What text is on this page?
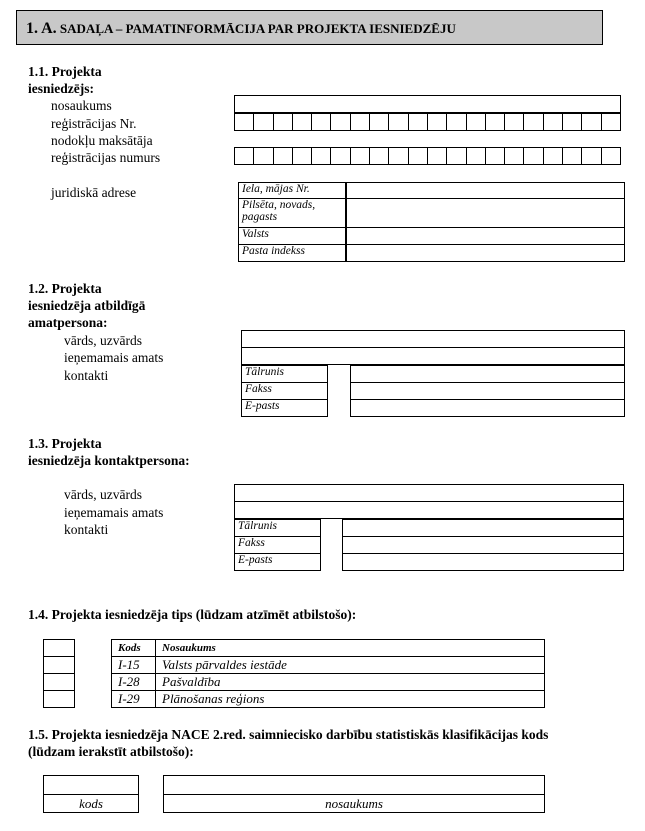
1. A. SADAĻA – PAMATINFORMĀCIJA PAR PROJEKTA IESNIEDZĒJU
1.1. Projekta
iesniedzējs:
nosaukums
reģistrācijas Nr.
nodokļu maksātāja
reģistrācijas numurs
juridiskā adrese	Iela, mājas Nr.
Pilsēta, novads, pagasts
Valsts
Pasta indekss
1.2. Projekta
iesniedzēja atbildīgā
amatpersona:
vārds, uzvārds
ieņemamais amats
kontakti	Tālrunis
Fakss
E-pasts
1.3. Projekta
iesniedzēja kontaktpersona:
vārds, uzvārds
ieņemamais amats
kontakti	Tālrunis
Fakss
E-pasts
1.4. Projekta iesniedzēja tips (lūdzam atzīmēt atbilstošo):
Kods	Nosaukums
I-15	Valsts pārvaldes iestāde
I-28	Pašvaldība
I-29	Plānošanas reģions
1.5. Projekta iesniedzēja NACE 2.red. saimniecisko darbību statistiskās klasifikācijas kods
(lūdzam ierakstīt atbilstošo):
kods	nosaukums
